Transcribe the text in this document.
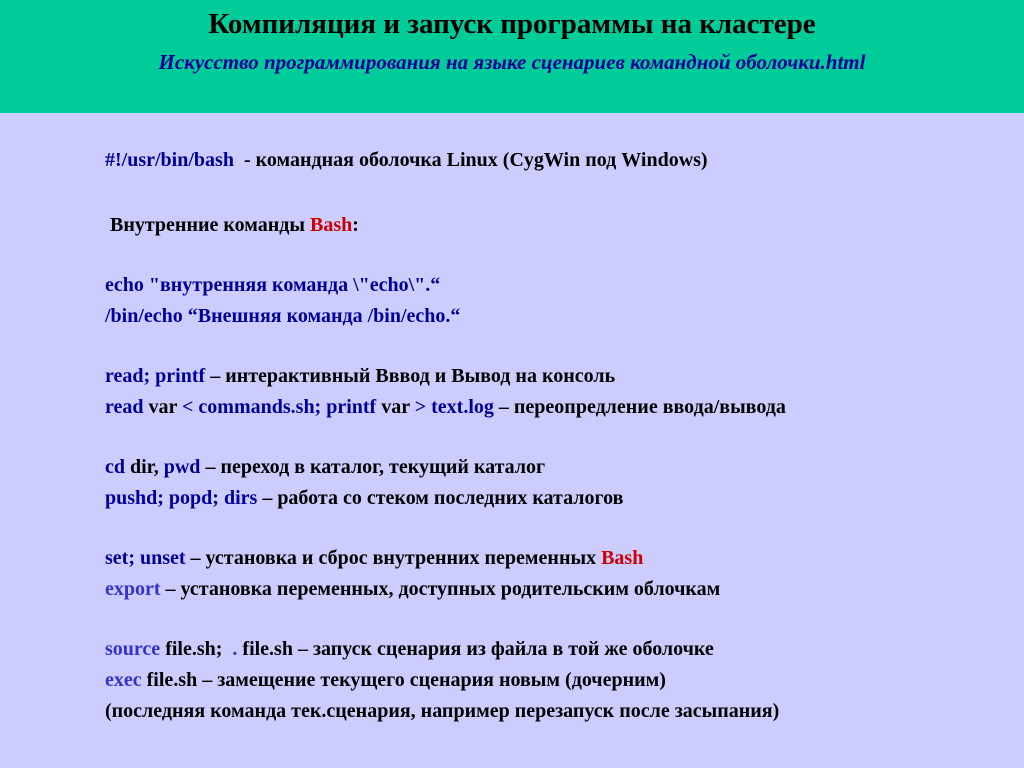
Компиляция и запуск программы на кластере
Искусство программирования на языке сценариев командной оболочки.html
#!/usr/bin/bash  - командная оболочка Linux (CygWin под Windows)
Внутренние команды Bash:
echo "внутренняя команда \"echo\".“
/bin/echo “Внешняя команда /bin/echo.“
read; printf – интерактивный Вввод и Вывод на консоль
read var < commands.sh; printf var > text.log – переопредление ввода/вывода
cd dir, pwd – переход в каталог, текущий каталог
pushd; popd; dirs – работа со стеком последних каталогов
set; unset – установка и сброс внутренних переменных Bash
export – установка переменных, доступных родительским облочкам
source file.sh;  . file.sh – запуск сценария из файла в той же оболочке
exec file.sh – замещение текущего сценария новым (дочерним)
(последняя команда тек.сценария, например перезапуск после засыпания)
